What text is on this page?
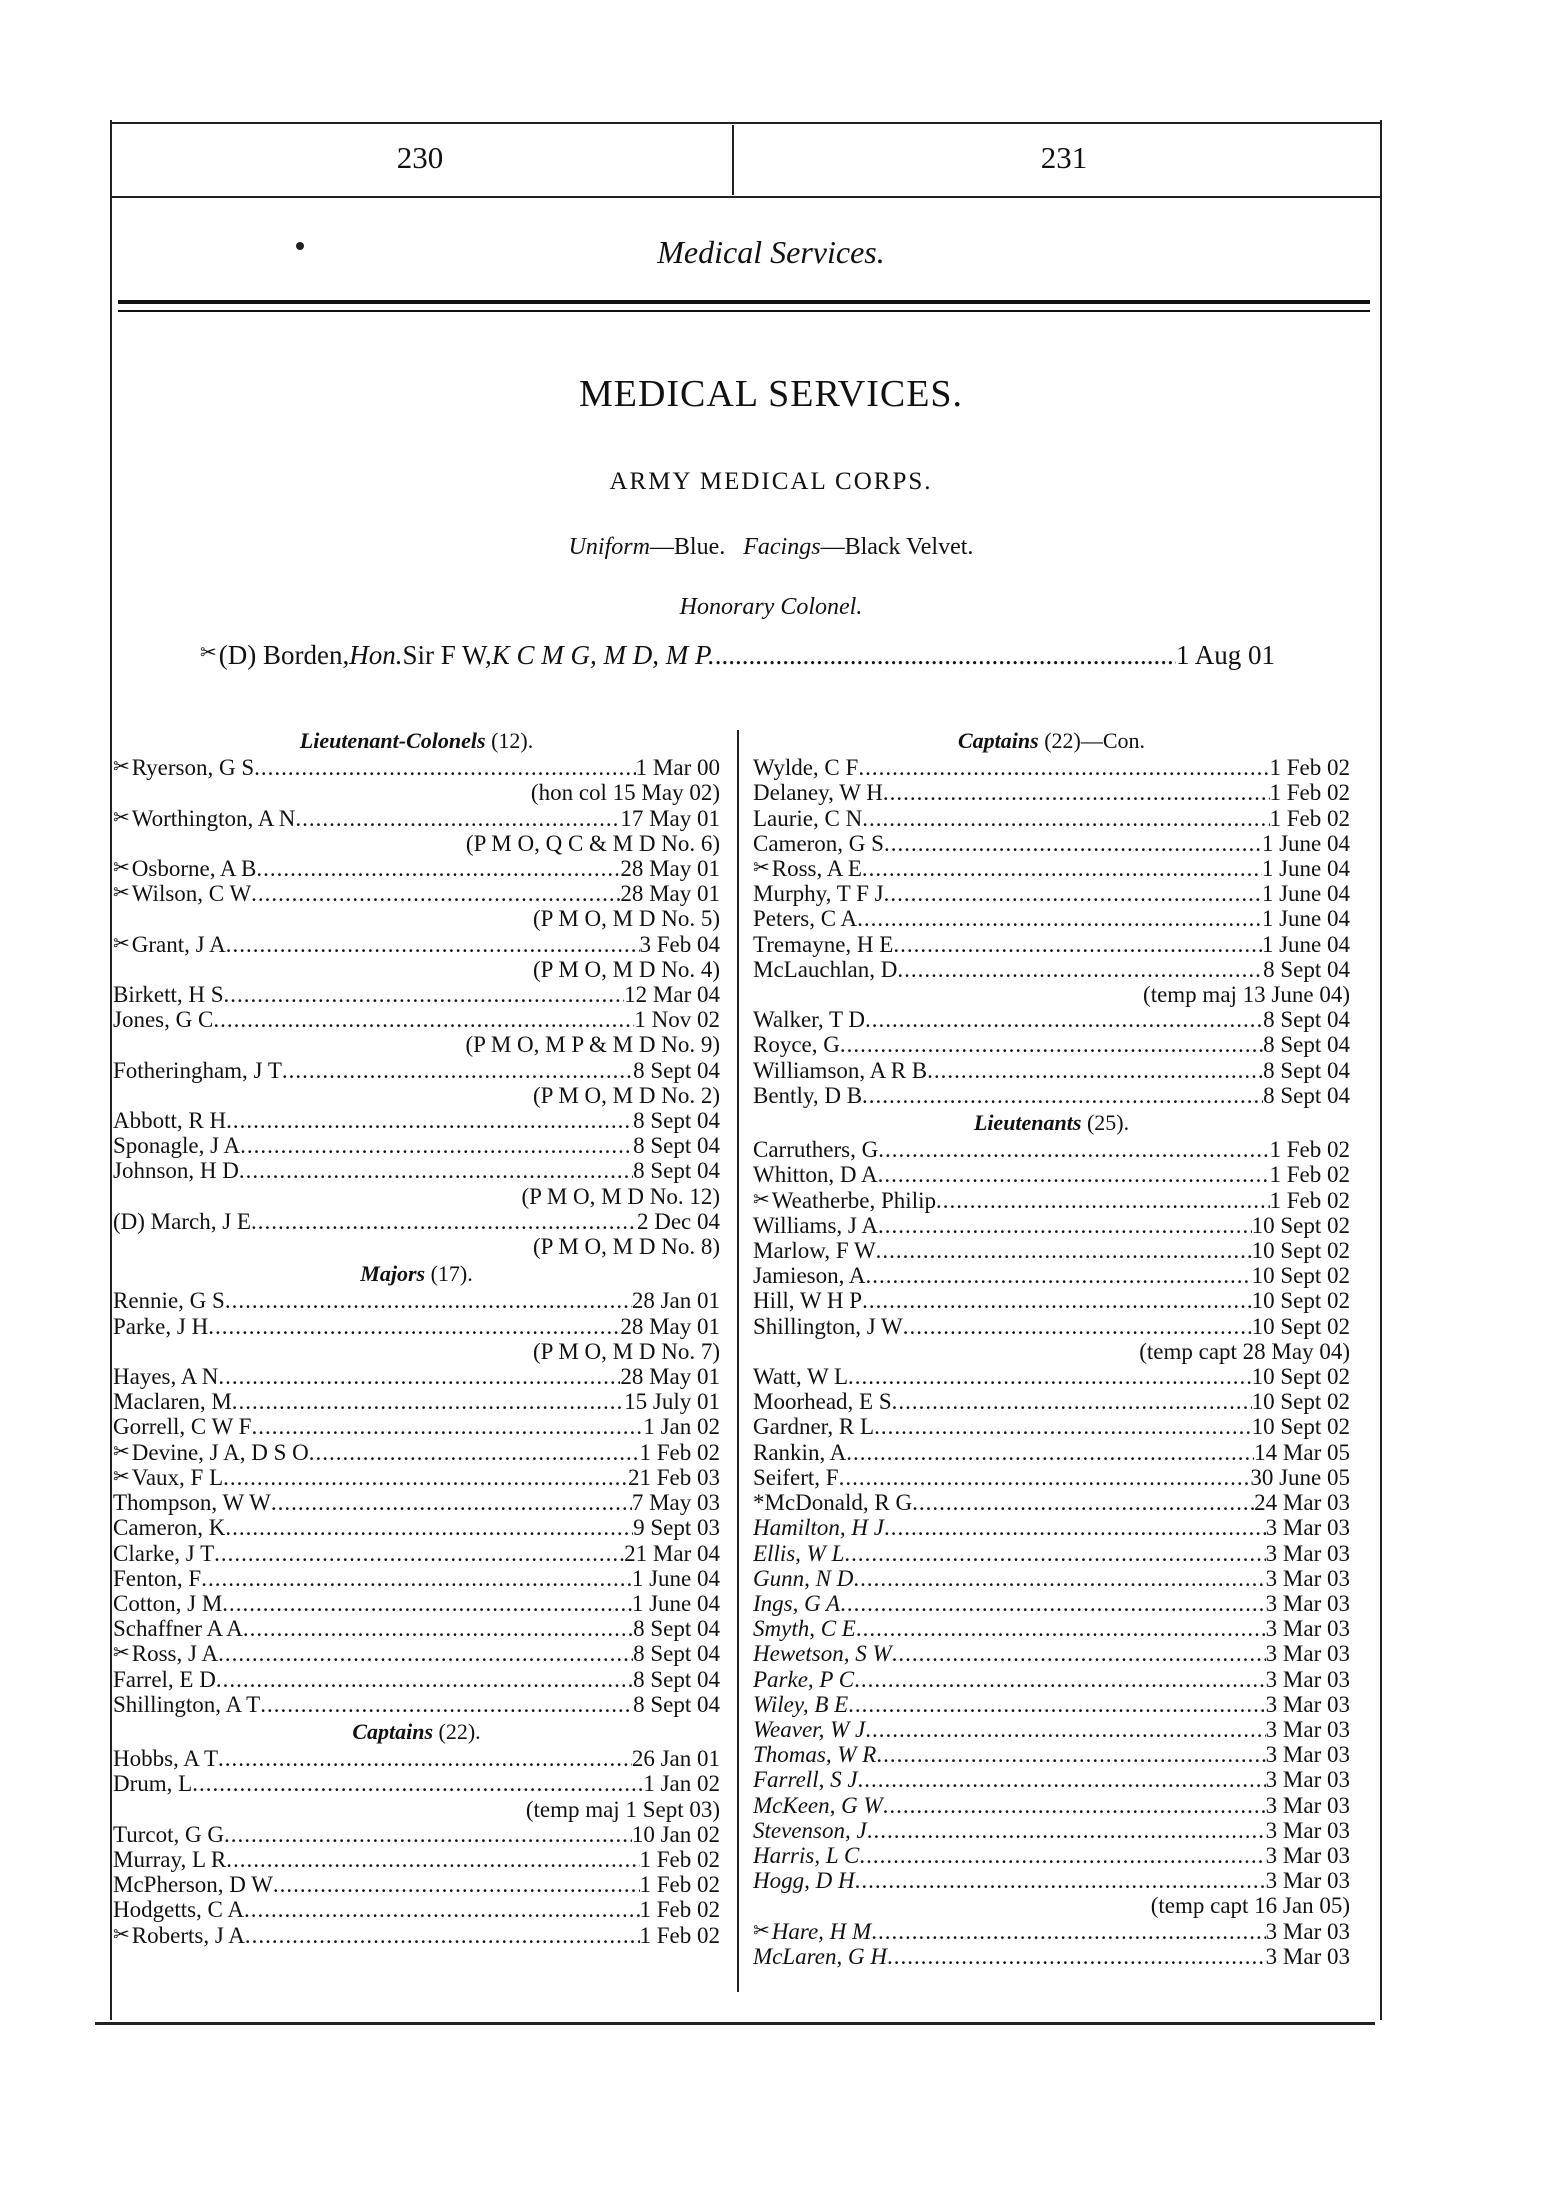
230	231
Medical Services.
MEDICAL SERVICES.
ARMY MEDICAL CORPS.
Uniform—Blue. Facings—Black Velvet.
Honorary Colonel.
✂ (D) Borden, Hon. Sir F W, K C M G, M D, M P. .....	1 Aug 01
Lieutenant-Colonels (12).
✂ Ryerson, G S .....	1 Mar 00
(hon col 15 May 02)
✂ Worthington, A N .....	17 May 01
(P M O, Q C & M D No. 6)
✂ Osborne, A B .....	28 May 01
✂ Wilson, C W .....	28 May 01
(P M O, M D No. 5)
✂ Grant, J A .....	3 Feb 04
(P M O, M D No. 4)
Birkett, H S .....	12 Mar 04
Jones, G C .....	1 Nov 02
(P M O, M P & M D No. 9)
Fotheringham, J T .....	8 Sept 04
(P M O, M D No. 2)
Abbott, R H .....	8 Sept 04
Sponagle, J A .....	8 Sept 04
Johnson, H D .....	8 Sept 04
(P M O, M D No. 12)
(D) March, J E .....	2 Dec 04
(P M O, M D No. 8)
Majors (17).
Rennie, G S .....	28 Jan 01
Parke, J H .....	28 May 01
(P M O, M D No. 7)
Hayes, A N .....	28 May 01
Maclaren, M .....	15 July 01
Gorrell, C W F .....	1 Jan 02
✂ Devine, J A, D S O .....	1 Feb 02
✂ Vaux, F L .....	21 Feb 03
Thompson, W W .....	7 May 03
Cameron, K .....	9 Sept 03
Clarke, J T .....	21 Mar 04
Fenton, F .....	1 June 04
Cotton, J M .....	1 June 04
Schaffner A A .....	8 Sept 04
✂ Ross, J A .....	8 Sept 04
Farrel, E D .....	8 Sept 04
Shillington, A T .....	8 Sept 04
Captains (22).
Hobbs, A T .....	26 Jan 01
Drum, L .....	1 Jan 02
(temp maj 1 Sept 03)
Turcot, G G .....	10 Jan 02
Murray, L R .....	1 Feb 02
McPherson, D W .....	1 Feb 02
Hodgetts, C A .....	1 Feb 02
✂ Roberts, J A .....	1 Feb 02
Captains (22)—Con.
Wylde, C F .....	1 Feb 02
Delaney, W H .....	1 Feb 02
Laurie, C N .....	1 Feb 02
Cameron, G S .....	1 June 04
✂ Ross, A E .....	1 June 04
Murphy, T F J .....	1 June 04
Peters, C A .....	1 June 04
Tremayne, H E .....	1 June 04
McLauchlan, D .....	8 Sept 04
(temp maj 13 June 04)
Walker, T D .....	8 Sept 04
Royce, G .....	8 Sept 04
Williamson, A R B .....	8 Sept 04
Bently, D B .....	8 Sept 04
Lieutenants (25).
Carruthers, G .....	1 Feb 02
Whitton, D A .....	1 Feb 02
✂ Weatherbe, Philip .....	1 Feb 02
Williams, J A .....	10 Sept 02
Marlow, F W .....	10 Sept 02
Jamieson, A .....	10 Sept 02
Hill, W H P .....	10 Sept 02
Shillington, J W .....	10 Sept 02
(temp capt 28 May 04)
Watt, W L .....	10 Sept 02
Moorhead, E S .....	10 Sept 02
Gardner, R L .....	10 Sept 02
Rankin, A .....	14 Mar 05
Seifert, F .....	30 June 05
*McDonald, R G .....	24 Mar 03
Hamilton, H J .....	3 Mar 03
Ellis, W L .....	3 Mar 03
Gunn, N D .....	3 Mar 03
Ings, G A .....	3 Mar 03
Smyth, C E .....	3 Mar 03
Hewetson, S W .....	3 Mar 03
Parke, P C .....	3 Mar 03
Wiley, B E .....	3 Mar 03
Weaver, W J .....	3 Mar 03
Thomas, W R .....	3 Mar 03
Farrell, S J .....	3 Mar 03
McKeen, G W .....	3 Mar 03
Stevenson, J .....	3 Mar 03
Harris, L C .....	3 Mar 03
Hogg, D H .....	3 Mar 03
(temp capt 16 Jan 05)
✂ Hare, H M .....	3 Mar 03
McLaren, G H .....	3 Mar 03
